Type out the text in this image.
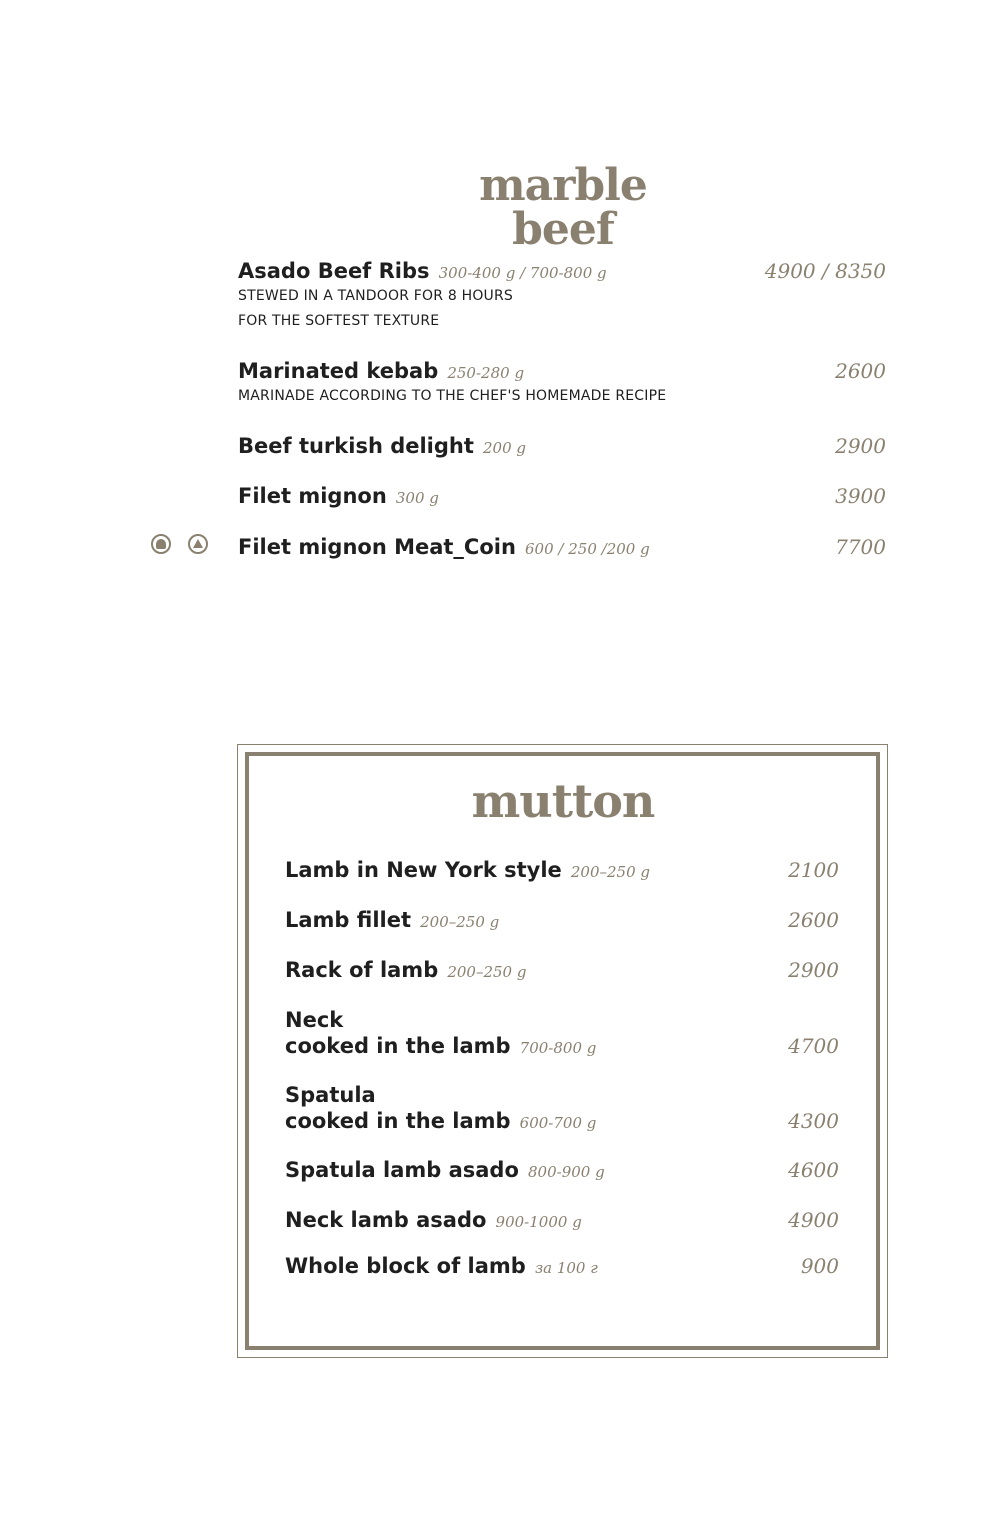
marble beef
Asado Beef Ribs 300-400 g / 700-800 g	4900 / 8350
STEWED IN A TANDOOR FOR 8 HOURS
FOR THE SOFTEST TEXTURE
Marinated kebab 250-280 g	2600
MARINADE ACCORDING TO THE CHEF'S HOMEMADE RECIPE
Beef turkish delight 200 g	2900
Filet mignon 300 g	3900
Filet mignon Meat_Coin 600 / 250 /200 g	7700
mutton
Lamb in New York style 200–250 g	2100
Lamb fillet 200–250 g	2600
Rack of lamb 200–250 g	2900
Neck
cooked in the lamb 700-800 g	4700
Spatula
cooked in the lamb 600-700 g	4300
Spatula lamb asado 800-900 g	4600
Neck lamb asado 900-1000 g	4900
Whole block of lamb за 100 г	900
